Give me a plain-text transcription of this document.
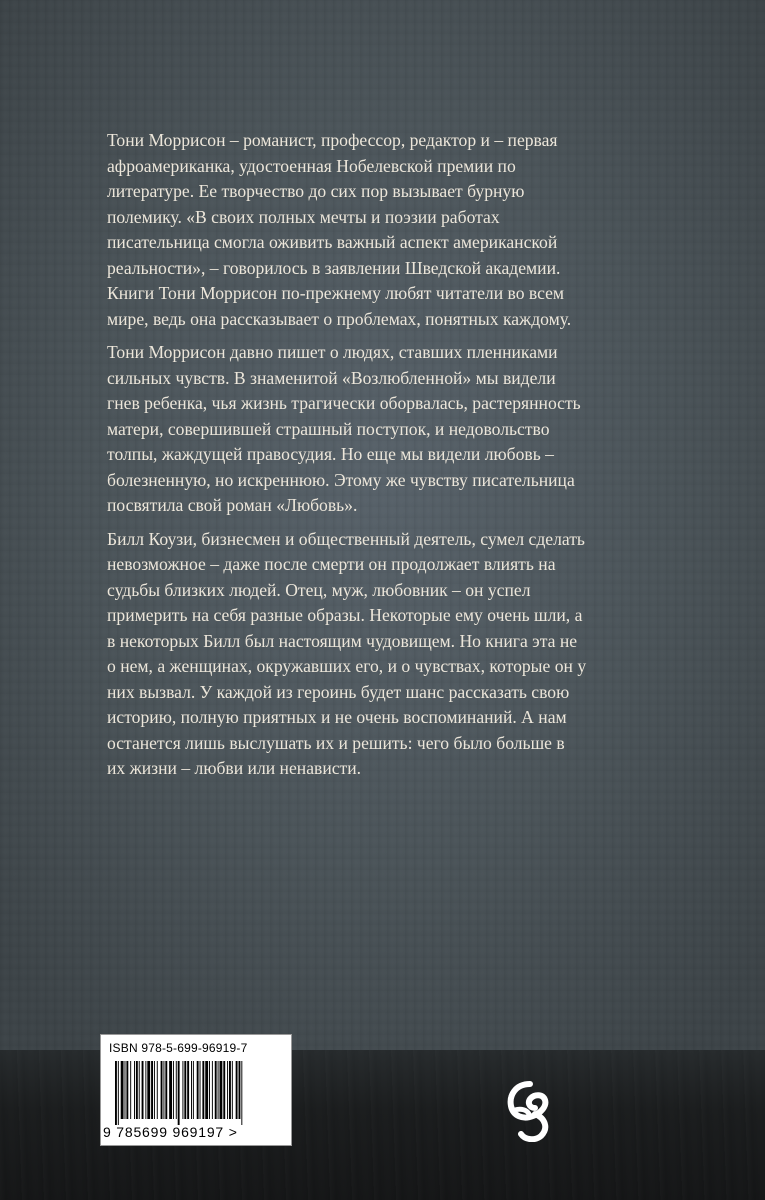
Тони Моррисон – романист, профессор, редактор и – первая афроамериканка, удостоенная Нобелевской премии по литературе. Ее творчество до сих пор вызывает бурную полемику. «В своих полных мечты и поэзии работах писательница смогла оживить важный аспект американской реальности», – говорилось в заявлении Шведской академии. Книги Тони Моррисон по-прежнему любят читатели во всем мире, ведь она рассказывает о проблемах, понятных каждому.

Тони Моррисон давно пишет о людях, ставших пленниками сильных чувств. В знаменитой «Возлюбленной» мы видели гнев ребенка, чья жизнь трагически оборвалась, растерянность матери, совершившей страшный поступок, и недовольство толпы, жаждущей правосудия. Но еще мы видели любовь – болезненную, но искреннюю. Этому же чувству писательница посвятила свой роман «Любовь».

Билл Коузи, бизнесмен и общественный деятель, сумел сделать невозможное – даже после смерти он продолжает влиять на судьбы близких людей. Отец, муж, любовник – он успел примерить на себя разные образы. Некоторые ему очень шли, а в некоторых Билл был настоящим чудовищем. Но книга эта не о нем, а женщинах, окружавших его, и о чувствах, которые он у них вызвал. У каждой из героинь будет шанс рассказать свою историю, полную приятных и не очень воспоминаний. А нам останется лишь выслушать их и решить: чего было больше в их жизни – любви или ненависти.

ISBN 978-5-699-96919-7
9 785699 969197 >
